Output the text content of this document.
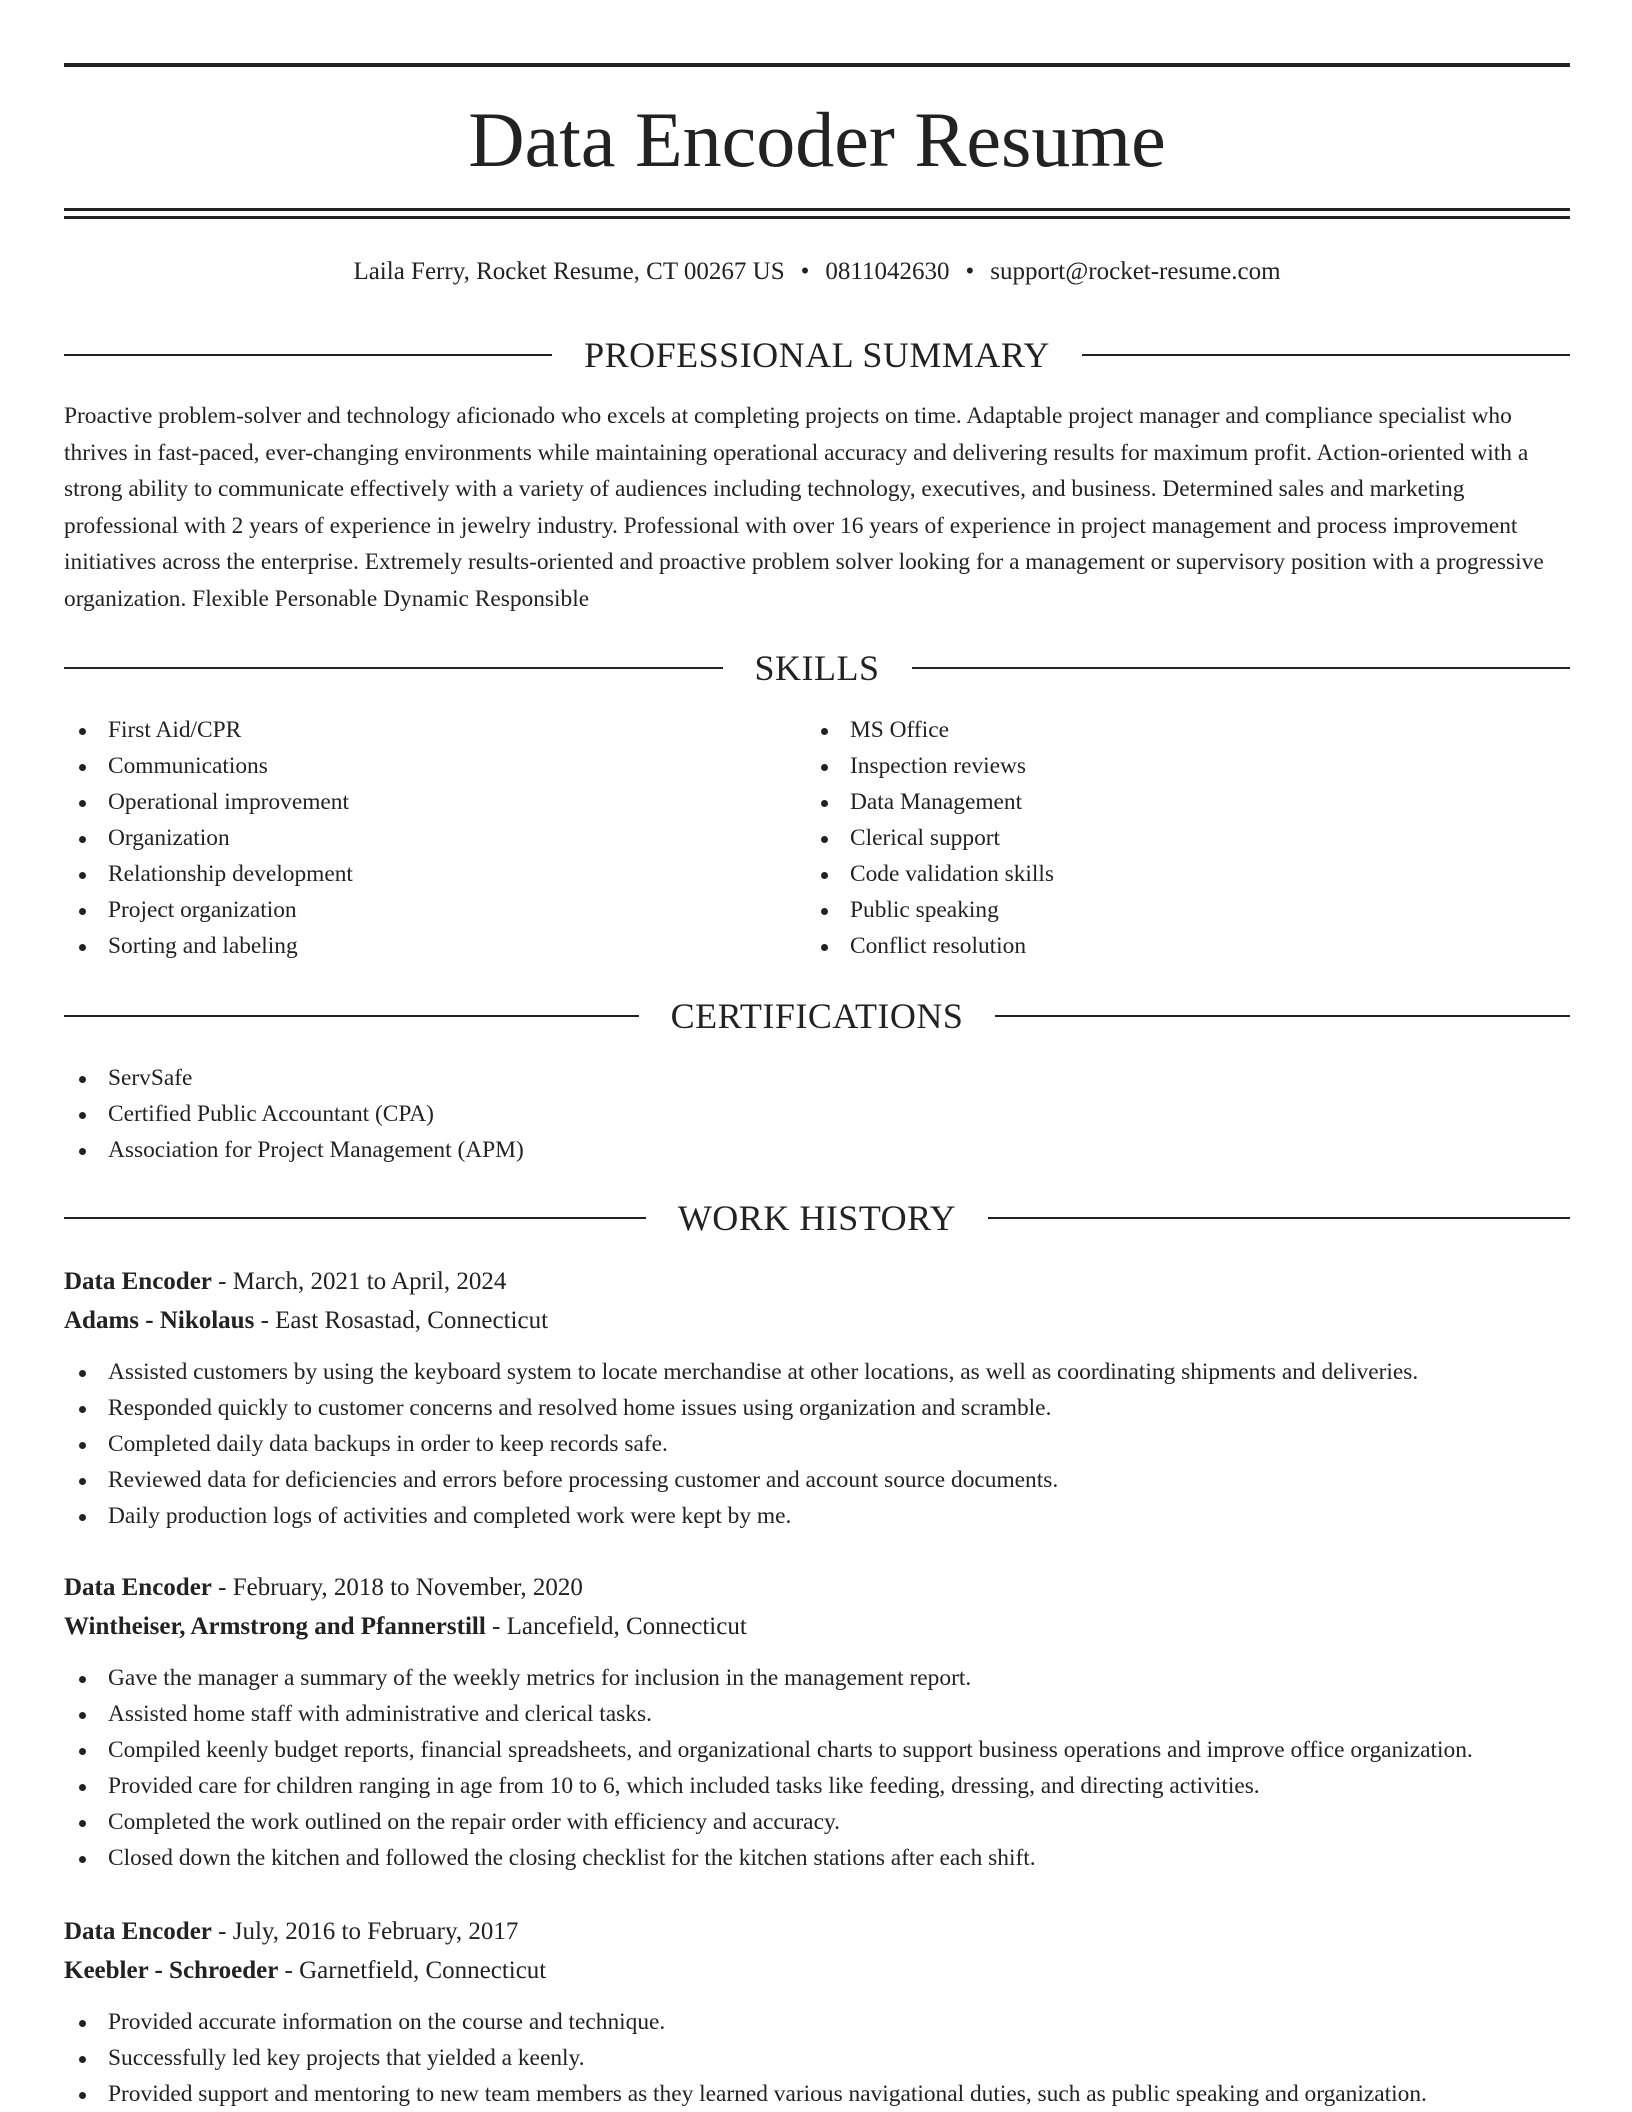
Data Encoder Resume
Laila Ferry, Rocket Resume, CT 00267 US • 0811042630 • support@rocket-resume.com
PROFESSIONAL SUMMARY

Proactive problem-solver and technology aficionado who excels at completing projects on time. Adaptable project manager and compliance specialist who thrives in fast-paced, ever-changing environments while maintaining operational accuracy and delivering results for maximum profit. Action-oriented with a strong ability to communicate effectively with a variety of audiences including technology, executives, and business. Determined sales and marketing professional with 2 years of experience in jewelry industry. Professional with over 16 years of experience in project management and process improvement initiatives across the enterprise. Extremely results-oriented and proactive problem solver looking for a management or supervisory position with a progressive organization. Flexible Personable Dynamic Responsible

SKILLS
First Aid/CPR
Communications
Operational improvement
Organization
Relationship development
Project organization
Sorting and labeling
MS Office
Inspection reviews
Data Management
Clerical support
Code validation skills
Public speaking
Conflict resolution
CERTIFICATIONS
ServSafe
Certified Public Accountant (CPA)
Association for Project Management (APM)
WORK HISTORY
Data Encoder - March, 2021 to April, 2024
Adams - Nikolaus - East Rosastad, Connecticut
Assisted customers by using the keyboard system to locate merchandise at other locations, as well as coordinating shipments and deliveries.
Responded quickly to customer concerns and resolved home issues using organization and scramble.
Completed daily data backups in order to keep records safe.
Reviewed data for deficiencies and errors before processing customer and account source documents.
Daily production logs of activities and completed work were kept by me.
Data Encoder - February, 2018 to November, 2020
Wintheiser, Armstrong and Pfannerstill - Lancefield, Connecticut
Gave the manager a summary of the weekly metrics for inclusion in the management report.
Assisted home staff with administrative and clerical tasks.
Compiled keenly budget reports, financial spreadsheets, and organizational charts to support business operations and improve office organization.
Provided care for children ranging in age from 10 to 6, which included tasks like feeding, dressing, and directing activities.
Completed the work outlined on the repair order with efficiency and accuracy.
Closed down the kitchen and followed the closing checklist for the kitchen stations after each shift.
Data Encoder - July, 2016 to February, 2017
Keebler - Schroeder - Garnetfield, Connecticut
Provided accurate information on the course and technique.
Successfully led key projects that yielded a keenly.
Provided support and mentoring to new team members as they learned various navigational duties, such as public speaking and organization.
